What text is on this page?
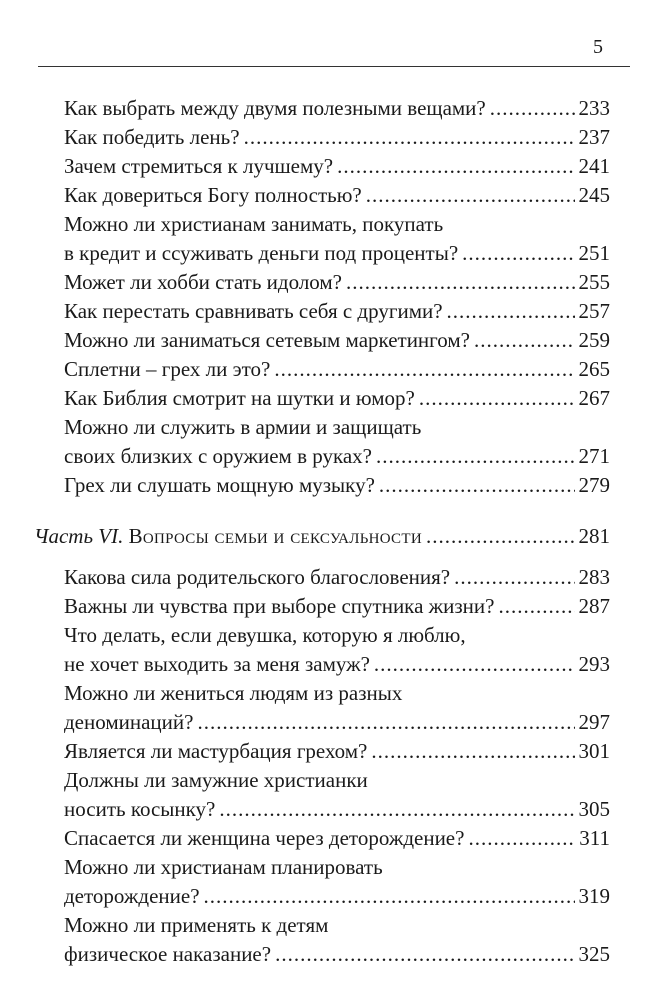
5
Как выбрать между двумя полезными вещами? .....	233
Как победить лень? .....	237
Зачем стремиться к лучшему? .....	241
Как довериться Богу полностью? .....	245
Можно ли христианам занимать, покупать
в кредит и ссуживать деньги под проценты? .....	251
Может ли хобби стать идолом? .....	255
Как перестать сравнивать себя с другими? .....	257
Можно ли заниматься сетевым маркетингом? .....	259
Сплетни – грех ли это? .....	265
Как Библия смотрит на шутки и юмор? .....	267
Можно ли служить в армии и защищать
своих близких с оружием в руках? .....	271
Грех ли слушать мощную музыку? .....	279
Часть VI. Вопросы семьи и сексуальности .....	281
Какова сила родительского благословения? .....	283
Важны ли чувства при выборе спутника жизни? .....	287
Что делать, если девушка, которую я люблю,
не хочет выходить за меня замуж? .....	293
Можно ли жениться людям из разных
деноминаций? .....	297
Является ли мастурбация грехом? .....	301
Должны ли замужние христианки
носить косынку? .....	305
Спасается ли женщина через деторождение? .....	311
Можно ли христианам планировать
деторождение? .....	319
Можно ли применять к детям
физическое наказание? .....	325
